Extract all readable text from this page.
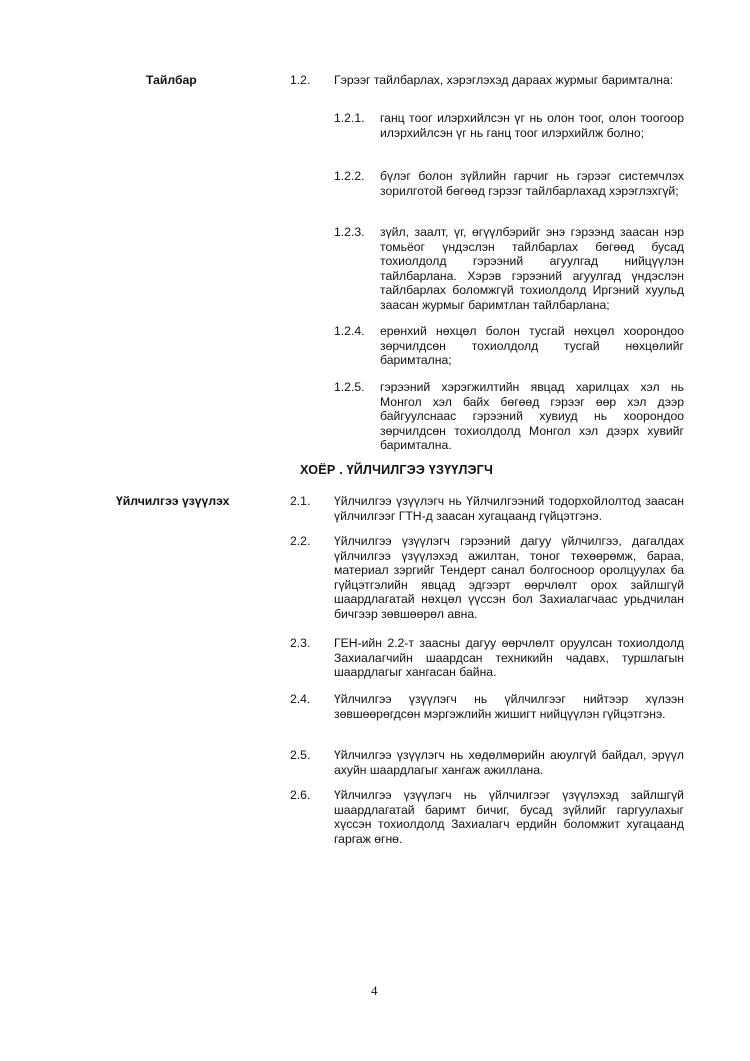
Тайлбар	1.2. Гэрээг тайлбарлах, хэрэглэхэд дараах журмыг баримталнa:
1.2.1. ганц тоог илэрхийлсэн үг нь олон тоог, олон тоогоор илэрхийлсэн үг нь ганц тоог илэрхийлж болно;
1.2.2. бүлэг болон зүйлийн гарчиг нь гэрээг системчлэх зорилготой бөгөөд гэрээг тайлбарлахад хэрэглэхгүй;
1.2.3. зүйл, заалт, үг, өгүүлбэрийг энэ гэрээнд заасан нэр томьёог үндэслэн тайлбарлах бөгөөд бусад тохиолдолд гэрээний агуулгад нийцүүлэн тайлбарлана. Хэрэв гэрээний агуулгад үндэслэн тайлбарлах боломжгүй тохиолдолд Иргэний хуульд заасан журмыг баримтлан тайлбарлана;
1.2.4. ерөнхий нөхцөл болон тусгай нөхцөл хоорондоо зөрчилдсөн тохиолдолд тусгай нөхцөлийг баримтална;
1.2.5. гэрээний хэрэгжилтийн явцад харилцах хэл нь Монгол хэл байх бөгөөд гэрээг өөр хэл дээр байгуулснаас гэрээний хувиуд нь хоорондоо зөрчилдсөн тохиолдолд Монгол хэл дээрх хувийг баримтална.
ХОЁР . ҮЙЛЧИЛГЭЭ ҮЗҮҮЛЭГЧ
Үйлчилгээ үзүүлэх	2.1. Үйлчилгээ үзүүлэгч нь Үйлчилгээний тодорхойлолтод заасан үйлчилгээг ГТН-д заасан хугацаанд гүйцэтгэнэ.
2.2. Үйлчилгээ үзүүлэгч гэрээний дагуу үйлчилгээ, дагалдах үйлчилгээ үзүүлэхэд ажилтан, тоног төхөөрөмж, бараа, материал зэргийг Тендерт санал болгосноор оролцуулах ба гүйцэтгэлийн явцад эдгээрт өөрчлөлт орох зайлшгүй шаардлагатай нөхцөл үүссэн бол Захиалагчаас урьдчилан бичгээр зөвшөөрөл авна.
2.3. ГЕН-ийн 2.2-т заасны дагуу өөрчлөлт оруулсан тохиолдолд Захиалагчийн шаардсан техникийн чадавх, туршлагын шаардлагыг хангасан байна.
2.4. Үйлчилгээ үзүүлэгч нь үйлчилгээг нийтээр хүлээн зөвшөөрөгдсөн мэргэжлийн жишигт нийцүүлэн гүйцэтгэнэ.
2.5. Үйлчилгээ үзүүлэгч нь хөдөлмөрийн аюулгүй байдал, эрүүл ахуйн шаардлагыг хангаж ажиллана.
2.6. Үйлчилгээ үзүүлэгч нь үйлчилгээг үзүүлэхэд зайлшгүй шаардлагатай баримт бичиг, бусад зүйлийг гаргуулахыг хүссэн тохиолдолд Захиалагч ердийн боломжит хугацаанд гаргаж өгнө.
4
